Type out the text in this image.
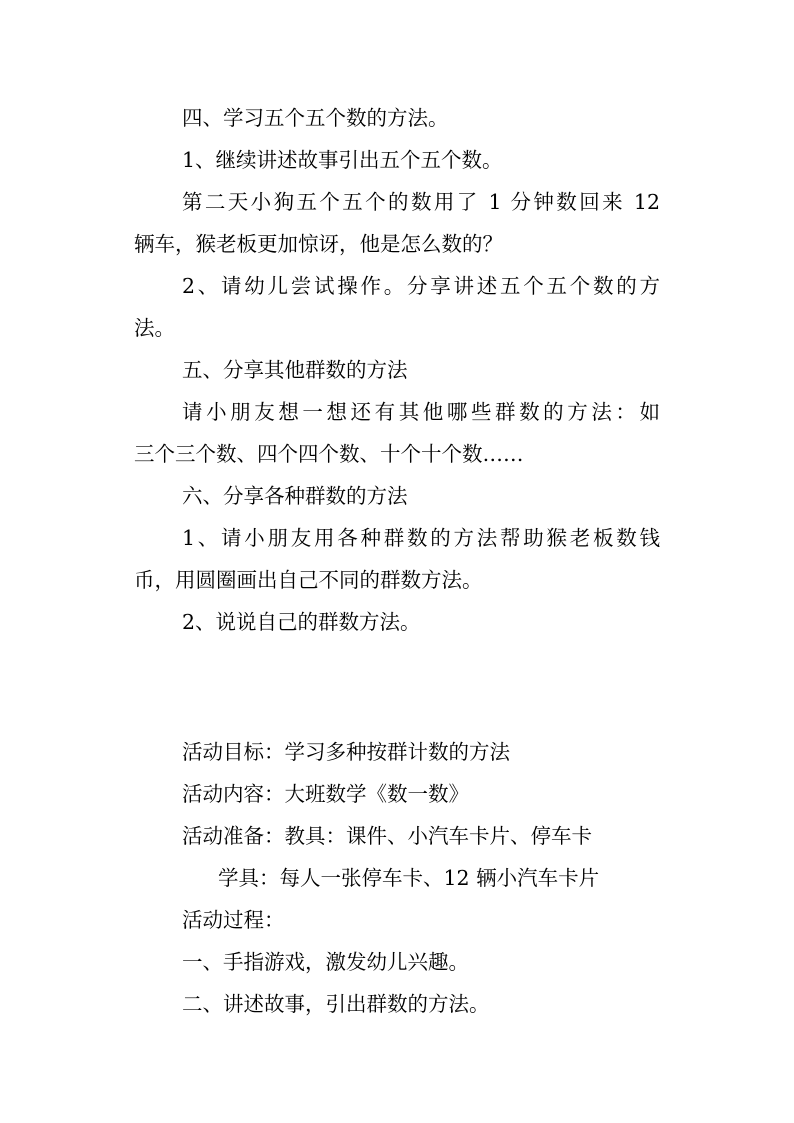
四、学习五个五个数的方法。
1、继续讲述故事引出五个五个数。
第二天小狗五个五个的数用了 1 分钟数回来 12
辆车，猴老板更加惊讶，他是怎么数的？
2、请幼儿尝试操作。分享讲述五个五个数的方
法。
五、分享其他群数的方法
请小朋友想一想还有其他哪些群数的方法：如
三个三个数、四个四个数、十个十个数……
六、分享各种群数的方法
1、请小朋友用各种群数的方法帮助猴老板数钱
币，用圆圈画出自己不同的群数方法。
2、说说自己的群数方法。
活动目标：学习多种按群计数的方法
活动内容：大班数学《数一数》
活动准备：教具：课件、小汽车卡片、停车卡
学具：每人一张停车卡、12 辆小汽车卡片
活动过程：
一、手指游戏，激发幼儿兴趣。
二、讲述故事，引出群数的方法。
